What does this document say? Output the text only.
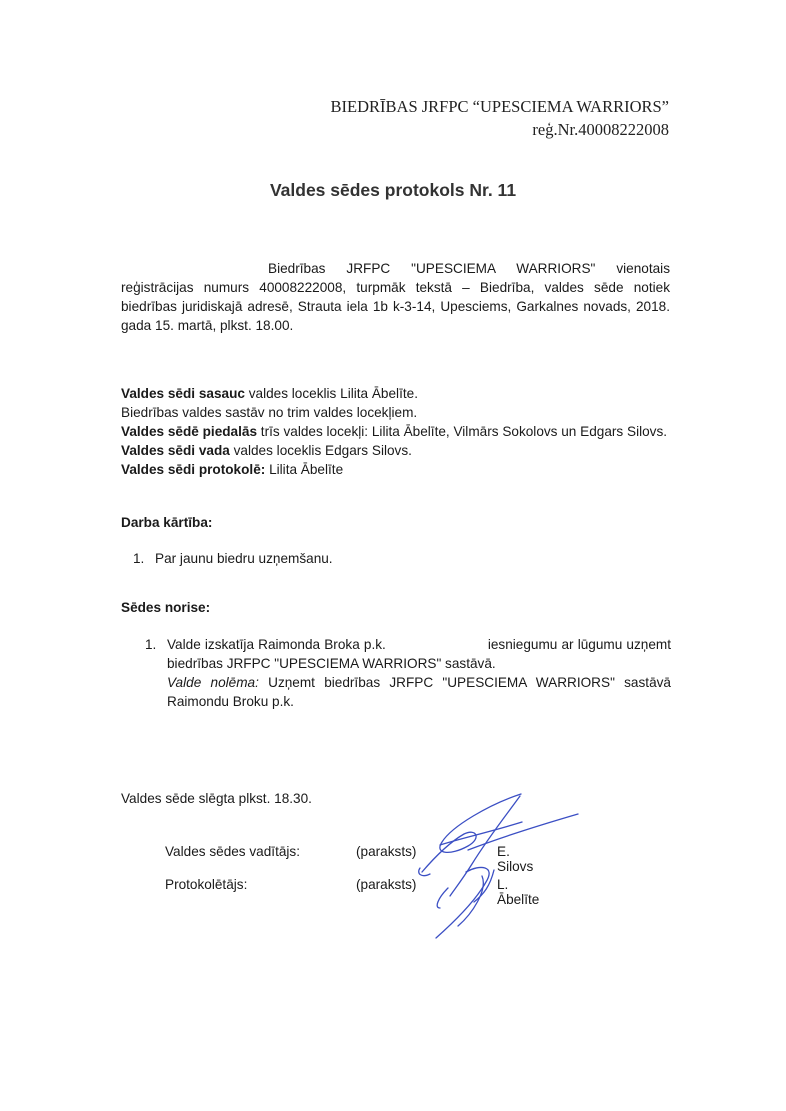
BIEDRĪBAS JRFPC “UPESCIEMA WARRIORS”
reģ.Nr.40008222008
Valdes sēdes protokols Nr. 11
Biedrības JRFPC "UPESCIEMA WARRIORS" vienotais reģistrācijas numurs 40008222008, turpmāk tekstā – Biedrība, valdes sēde notiek biedrības juridiskajā adresē, Strauta iela 1b k-3-14, Upesciems, Garkalnes novads, 2018. gada 15. martā, plkst. 18.00.

Valdes sēdi sasauc valdes loceklis Lilita Ābelīte.

Biedrības valdes sastāv no trim valdes locekļiem.

Valdes sēdē piedalās trīs valdes locekļi: Lilita Ābelīte, Vilmārs Sokolovs un Edgars Silovs.

Valdes sēdi vada valdes loceklis Edgars Silovs.

Valdes sēdi protokolē: Lilita Ābelīte

Darba kārtība:
1. Par jaunu biedru uzņemšanu.
Sēdes norise:
1. Valde izskatīja Raimonda Broka p.k.	iesniegumu ar lūgumu uzņemt biedrības JRFPC "UPESCIEMA WARRIORS" sastāvā.
Valde nolēma: Uzņemt biedrības JRFPC "UPESCIEMA WARRIORS" sastāvā Raimondu Broku p.k.
Valdes sēde slēgta plkst. 18.30.
Valdes sēdes vadītājs:	(paraksts)	E. Silovs
Protokolētājs:	(paraksts)	L. Ābelīte
